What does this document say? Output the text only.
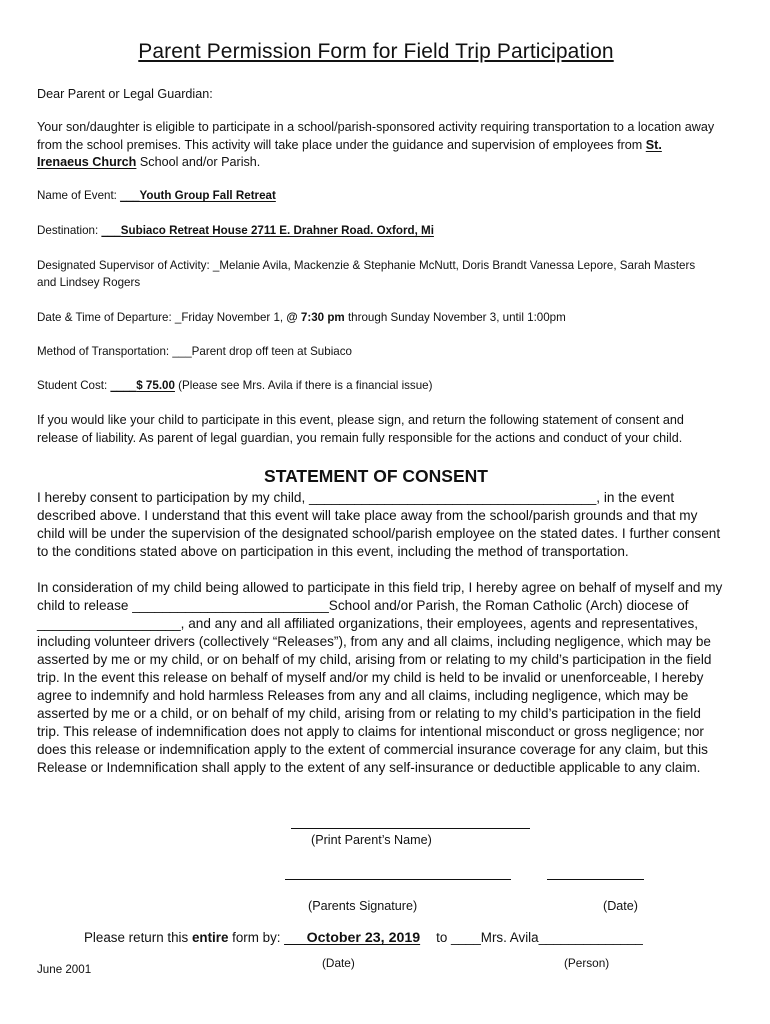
Parent Permission Form for Field Trip Participation
Dear Parent or Legal Guardian:
Your son/daughter is eligible to participate in a school/parish-sponsored activity requiring transportation to a location away from the school premises. This activity will take place under the guidance and supervision of employees from St. Irenaeus Church School and/or Parish.
Name of Event: ___Youth Group Fall Retreat
Destination: ___Subiaco Retreat House 2711 E. Drahner Road. Oxford, Mi
Designated Supervisor of Activity: _Melanie Avila, Mackenzie & Stephanie McNutt, Doris Brandt Vanessa Lepore, Sarah Masters and Lindsey Rogers
Date & Time of Departure: _Friday November 1, @ 7:30 pm through Sunday November 3, until 1:00pm
Method of Transportation: ___Parent drop off teen at Subiaco
Student Cost: ____$ 75.00 (Please see Mrs. Avila if there is a financial issue)
If you would like your child to participate in this event, please sign, and return the following statement of consent and release of liability. As parent of legal guardian, you remain fully responsible for the actions and conduct of your child.
STATEMENT OF CONSENT
I hereby consent to participation by my child, ______________________________________, in the event described above. I understand that this event will take place away from the school/parish grounds and that my child will be under the supervision of the designated school/parish employee on the stated dates. I further consent to the conditions stated above on participation in this event, including the method of transportation.
In consideration of my child being allowed to participate in this field trip, I hereby agree on behalf of myself and my child to release __________________________School and/or Parish, the Roman Catholic (Arch) diocese of ___________________, and any and all affiliated organizations, their employees, agents and representatives, including volunteer drivers (collectively “Releases”), from any and all claims, including negligence, which may be asserted by me or my child, or on behalf of my child, arising from or relating to my child’s participation in the field trip. In the event this release on behalf of myself and/or my child is held to be invalid or unenforceable, I hereby agree to indemnify and hold harmless Releases from any and all claims, including negligence, which may be asserted by me or a child, or on behalf of my child, arising from or relating to my child’s participation in the field trip. This release of indemnification does not apply to claims for intentional misconduct or gross negligence; nor does this release or indemnification apply to the extent of commercial insurance coverage for any claim, but this Release or Indemnification shall apply to the extent of any self-insurance or deductible applicable to any claim.
(Print Parent’s Name)
(Parents Signature)	(Date)
Please return this entire form by: ___October 23, 2019 to ____Mrs. Avila______________
(Date)	(Person)
June 2001
